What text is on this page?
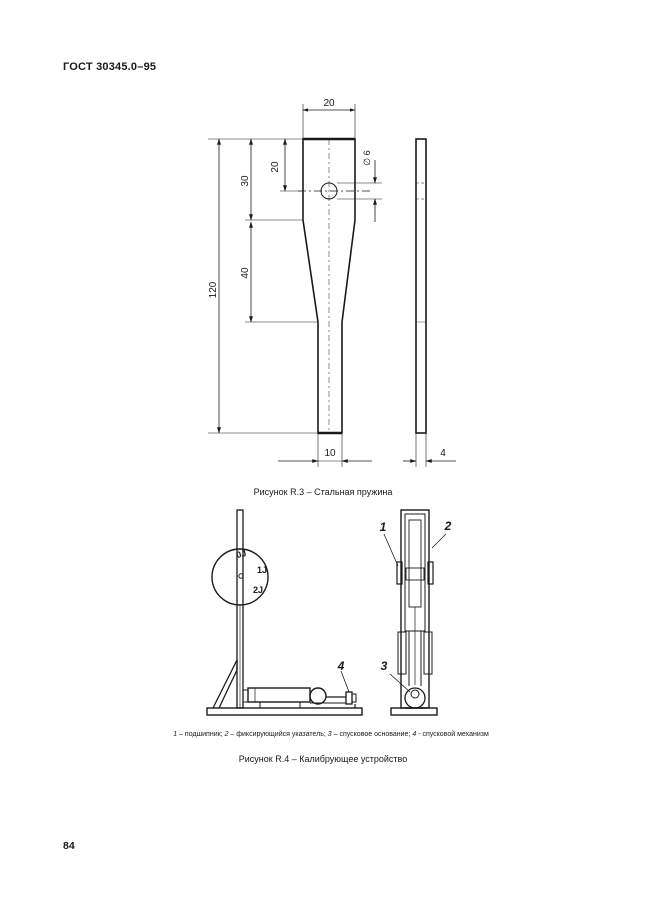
ГОСТ 30345.0–95
20
120
30
40
20
∅ 6
10	4
0J
1J
2J
4
1	2
3
Рисунок R.3 – Стальная пружина
1 – подшипник; 2 – фиксирующийся указатель; 3 – спусковое основание; 4 - спусковой механизм
Рисунок R.4 – Калибрующее устройство
84
